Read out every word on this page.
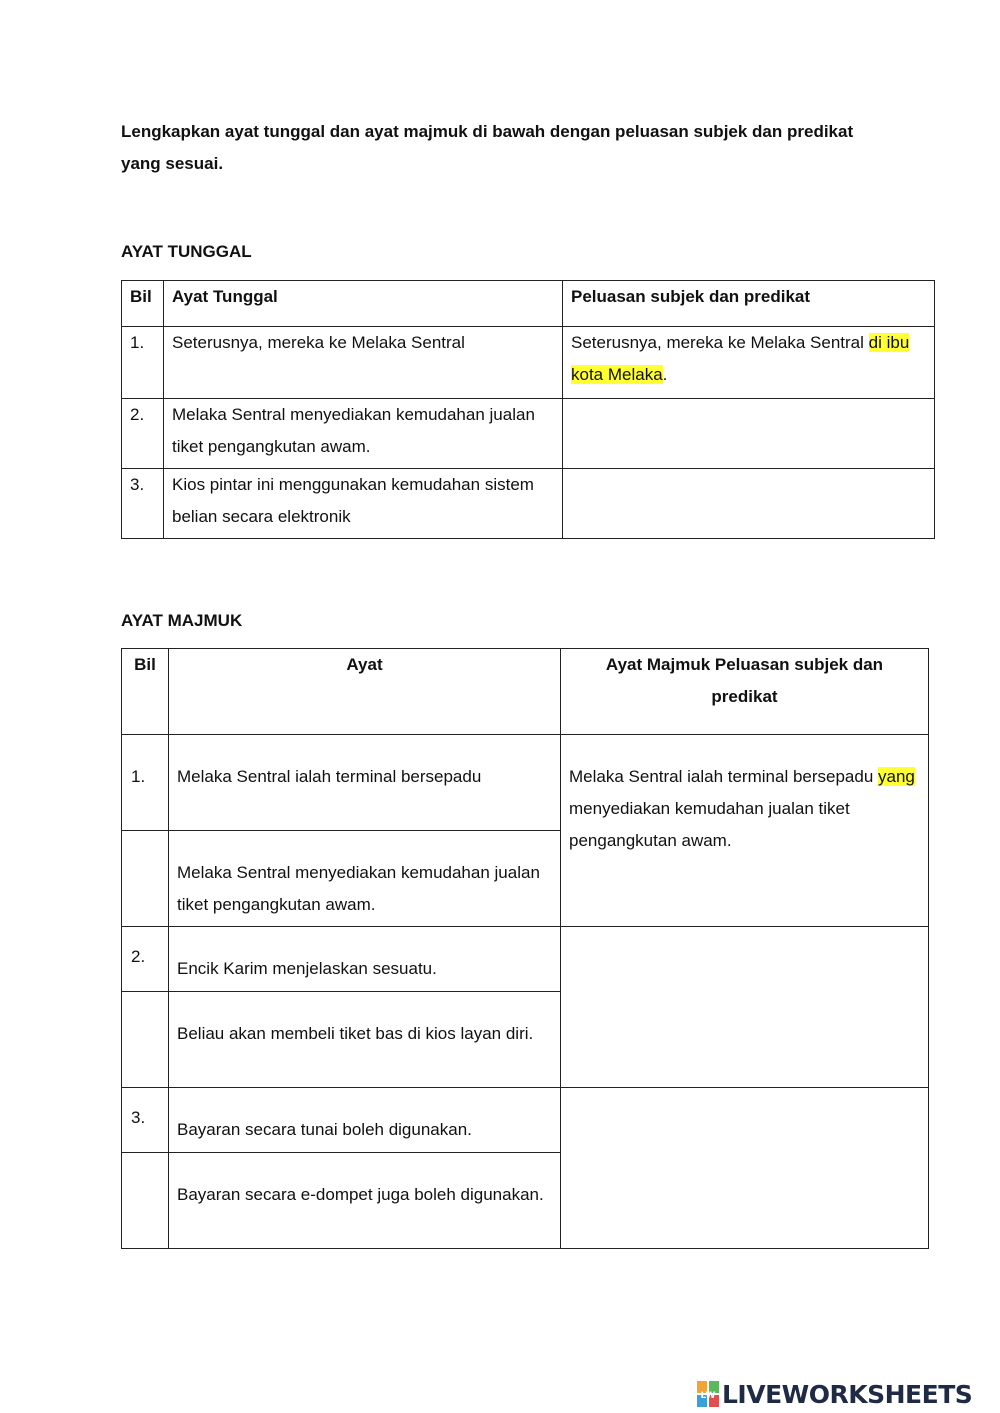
Lengkapkan ayat tunggal dan ayat majmuk di bawah dengan peluasan subjek dan predikat yang sesuai.
AYAT TUNGGAL
Bil	Ayat Tunggal	Peluasan subjek dan predikat
1.	Seterusnya, mereka ke Melaka Sentral	Seterusnya, mereka ke Melaka Sentral di ibu kota Melaka.
2.	Melaka Sentral menyediakan kemudahan jualan tiket pengangkutan awam.	
3.	Kios pintar ini menggunakan kemudahan sistem belian secara elektronik	
AYAT MAJMUK
Bil	Ayat	Ayat Majmuk Peluasan subjek dan predikat
1.	Melaka Sentral ialah terminal bersepadu	Melaka Sentral ialah terminal bersepadu yang menyediakan kemudahan jualan tiket pengangkutan awam.
	Melaka Sentral menyediakan kemudahan jualan tiket pengangkutan awam.	
2.	Encik Karim menjelaskan sesuatu.	
	Beliau akan membeli tiket bas di kios layan diri.	
3.	Bayaran secara tunai boleh digunakan.	
	Bayaran secara e-dompet juga boleh digunakan.	
LW LIVEWORKSHEETS
